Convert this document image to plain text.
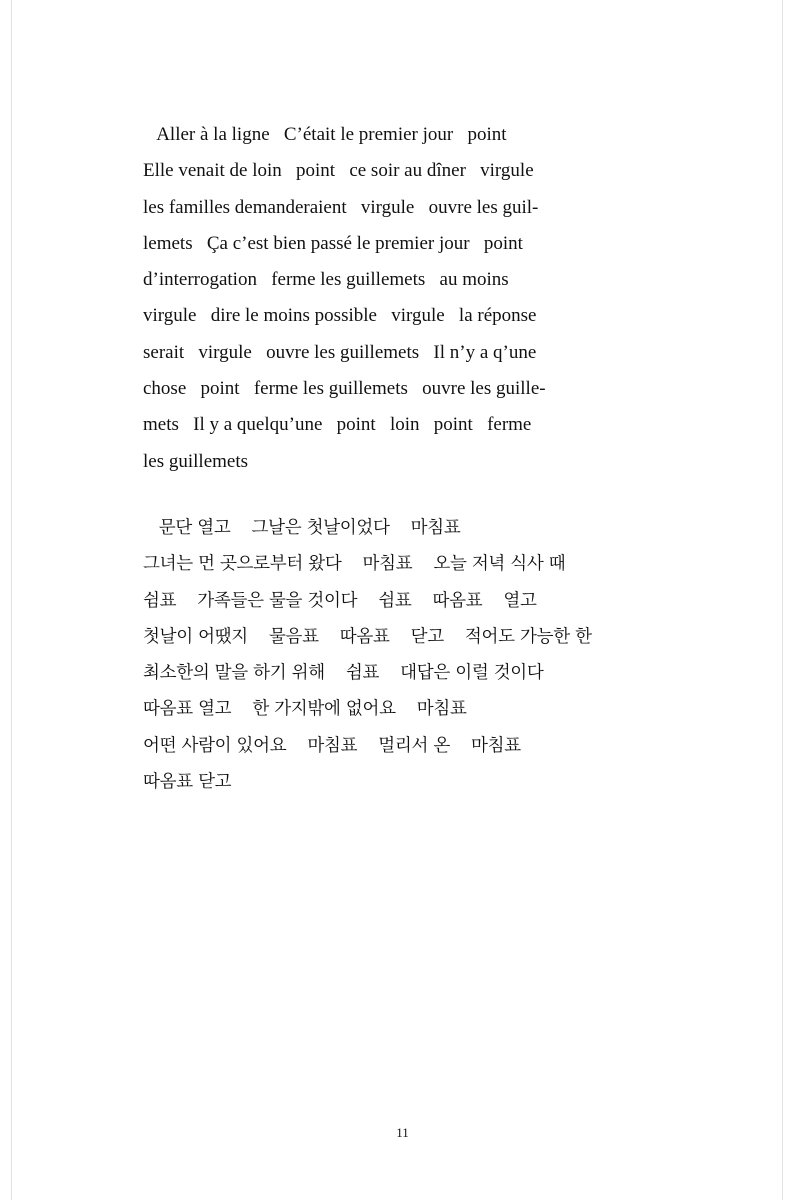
Aller à la ligne   C’était le premier jour   point
Elle venait de loin   point   ce soir au dîner   virgule
les familles demanderaient   virgule   ouvre les guil-
lemets   Ça c’est bien passé le premier jour   point
d’interrogation   ferme les guillemets   au moins
virgule   dire le moins possible   virgule   la réponse
serait   virgule   ouvre les guillemets   Il n’y a q’une
chose   point   ferme les guillemets   ouvre les guille-
mets   Il y a quelqu’une   point   loin   point   ferme
les guillemets
문단 열고    그날은 첫날이었다    마침표
그녀는 먼 곳으로부터 왔다    마침표    오늘 저녁 식사 때
쉼표    가족들은 물을 것이다    쉼표    따옴표    열고
첫날이 어땠지    물음표    따옴표    닫고    적어도 가능한 한
최소한의 말을 하기 위해    쉼표    대답은 이럴 것이다
따옴표 열고    한 가지밖에 없어요    마침표
어떤 사람이 있어요    마침표    멀리서 온    마침표
따옴표 닫고
11
